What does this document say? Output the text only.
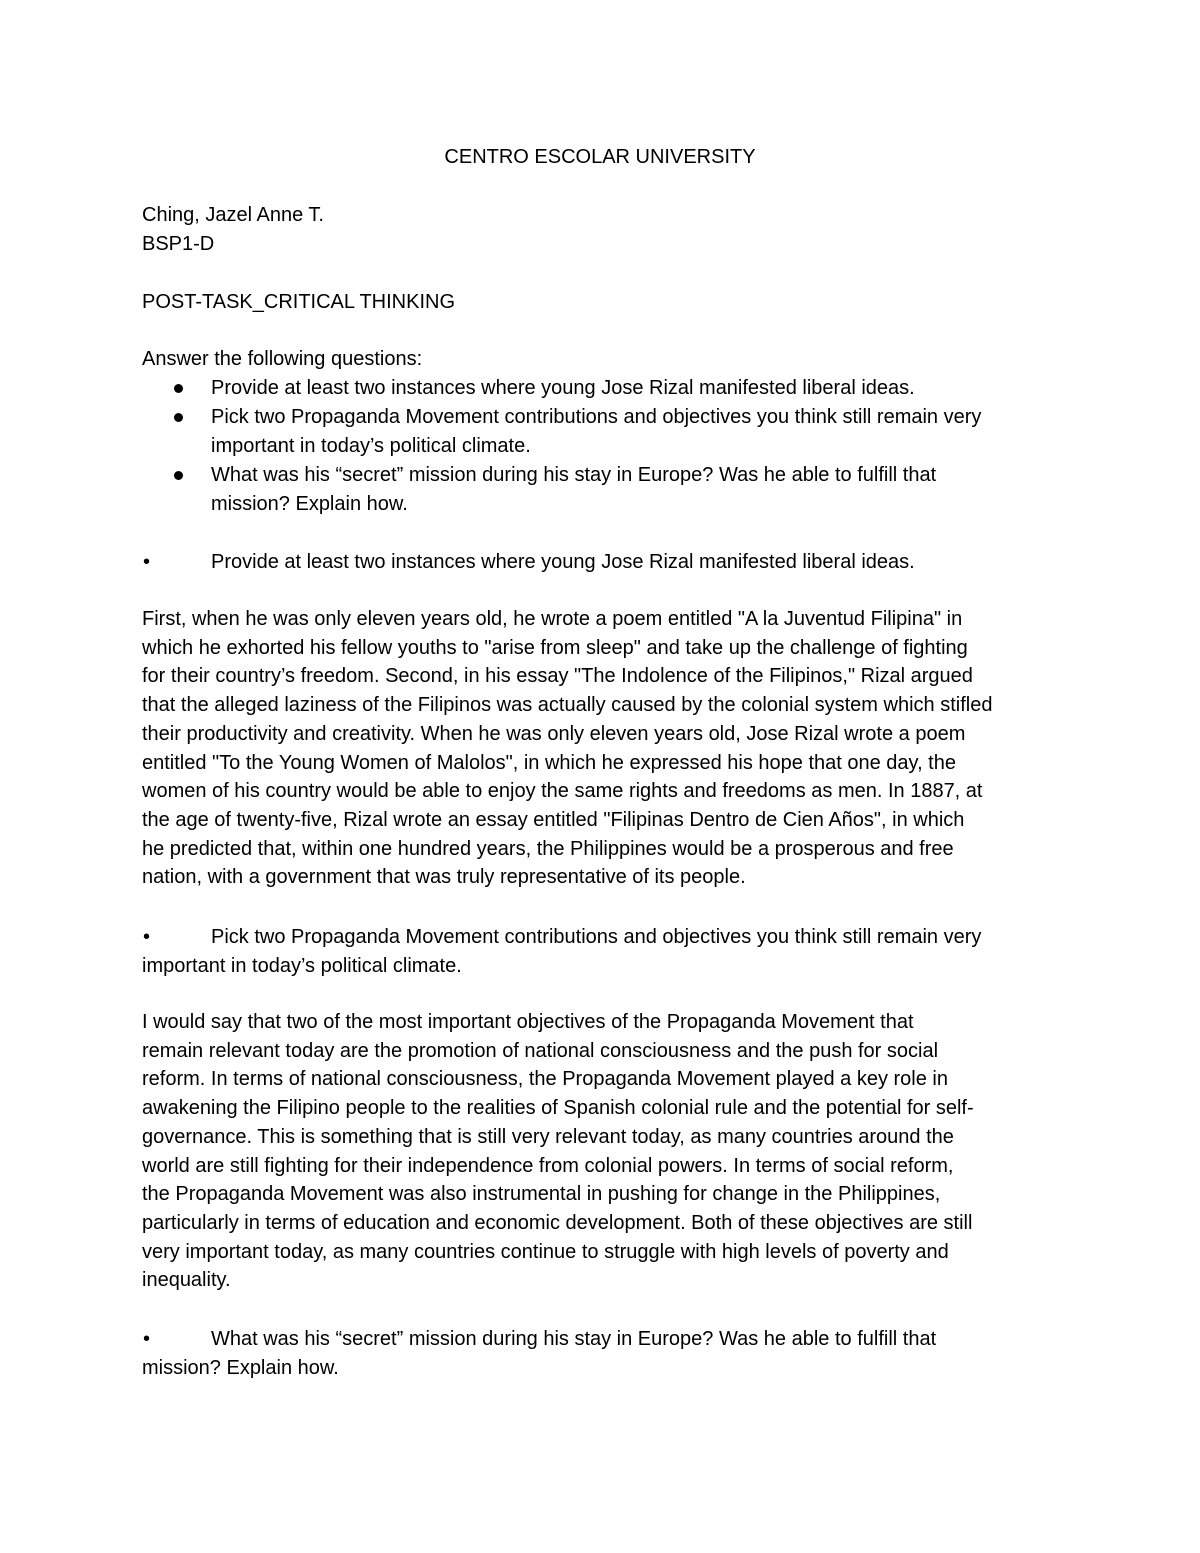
CENTRO ESCOLAR UNIVERSITY
Ching, Jazel Anne T.
BSP1-D
POST-TASK_CRITICAL THINKING
Answer the following questions:
Provide at least two instances where young Jose Rizal manifested liberal ideas.
Pick two Propaganda Movement contributions and objectives you think still remain very
important in today’s political climate.
What was his “secret” mission during his stay in Europe? Was he able to fulfill that
mission? Explain how.
•	Provide at least two instances where young Jose Rizal manifested liberal ideas.
First, when he was only eleven years old, he wrote a poem entitled "A la Juventud Filipina" in
which he exhorted his fellow youths to "arise from sleep" and take up the challenge of fighting
for their country’s freedom. Second, in his essay "The Indolence of the Filipinos," Rizal argued
that the alleged laziness of the Filipinos was actually caused by the colonial system which stifled
their productivity and creativity. When he was only eleven years old, Jose Rizal wrote a poem
entitled "To the Young Women of Malolos", in which he expressed his hope that one day, the
women of his country would be able to enjoy the same rights and freedoms as men. In 1887, at
the age of twenty-five, Rizal wrote an essay entitled "Filipinas Dentro de Cien Años", in which
he predicted that, within one hundred years, the Philippines would be a prosperous and free
nation, with a government that was truly representative of its people.
•	Pick two Propaganda Movement contributions and objectives you think still remain very
important in today’s political climate.
I would say that two of the most important objectives of the Propaganda Movement that
remain relevant today are the promotion of national consciousness and the push for social
reform. In terms of national consciousness, the Propaganda Movement played a key role in
awakening the Filipino people to the realities of Spanish colonial rule and the potential for self-
governance. This is something that is still very relevant today, as many countries around the
world are still fighting for their independence from colonial powers. In terms of social reform,
the Propaganda Movement was also instrumental in pushing for change in the Philippines,
particularly in terms of education and economic development. Both of these objectives are still
very important today, as many countries continue to struggle with high levels of poverty and
inequality.
•	What was his “secret” mission during his stay in Europe? Was he able to fulfill that
mission? Explain how.
